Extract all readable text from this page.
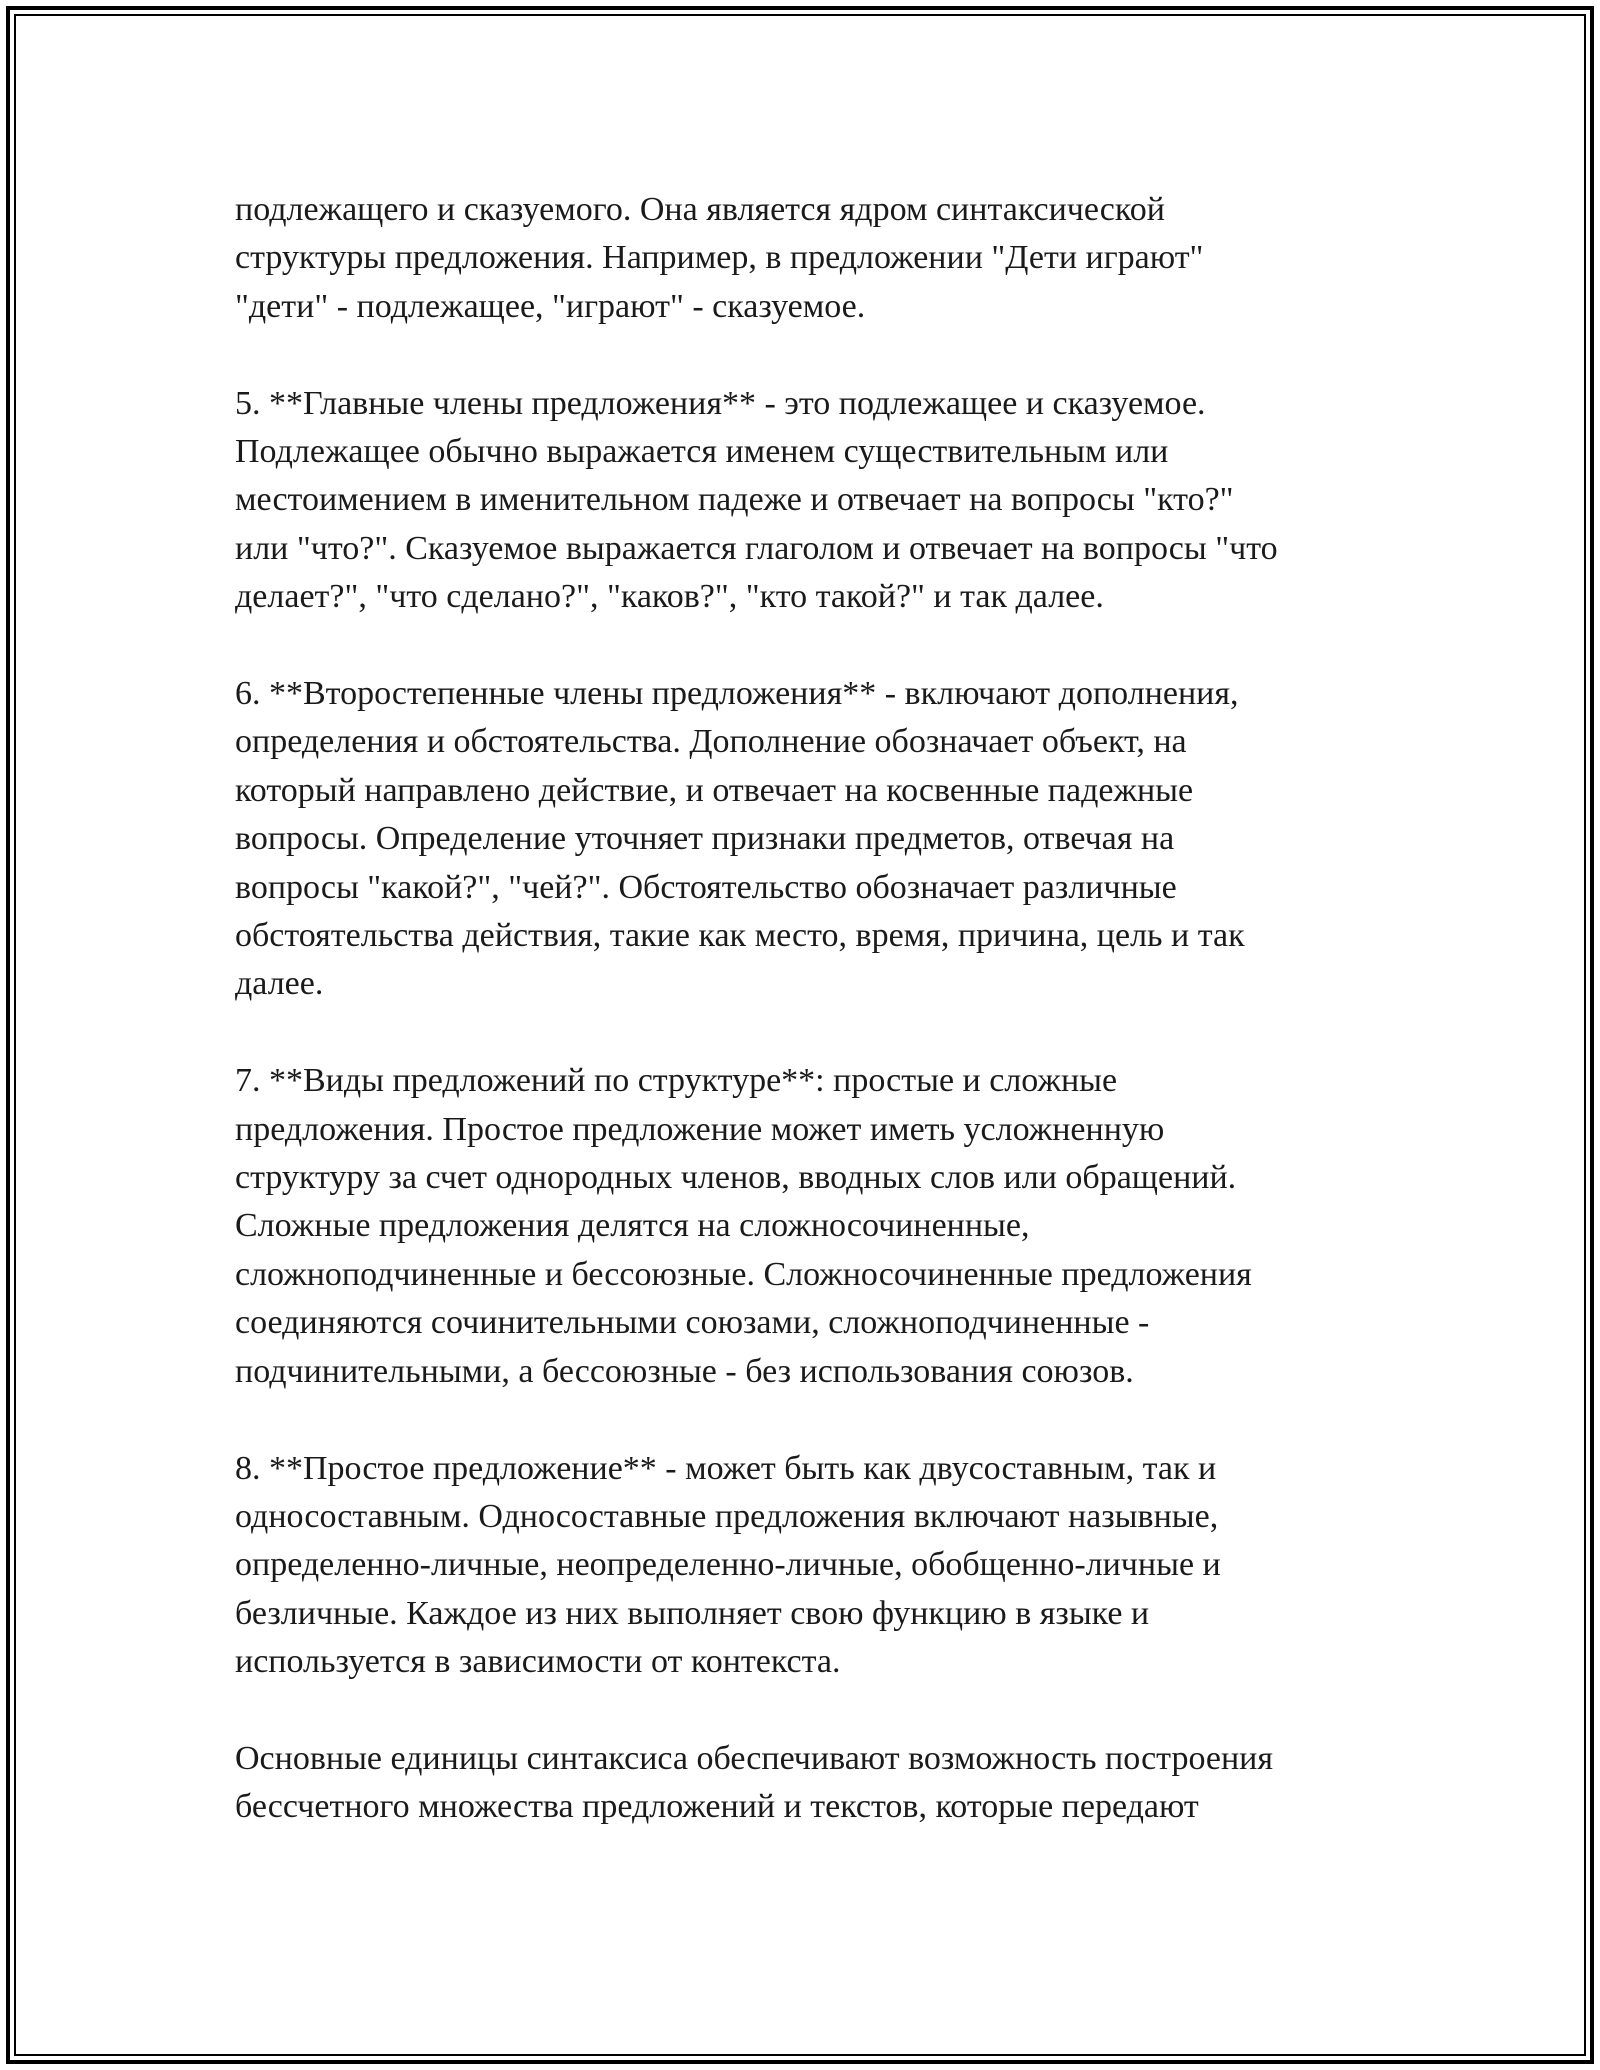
подлежащего и сказуемого. Она является ядром синтаксической
структуры предложения. Например, в предложении "Дети играют"
"дети" - подлежащее, "играют" - сказуемое.

5. **Главные члены предложения** - это подлежащее и сказуемое.
Подлежащее обычно выражается именем существительным или
местоимением в именительном падеже и отвечает на вопросы "кто?"
или "что?". Сказуемое выражается глаголом и отвечает на вопросы "что
делает?", "что сделано?", "каков?", "кто такой?" и так далее.

6. **Второстепенные члены предложения** - включают дополнения,
определения и обстоятельства. Дополнение обозначает объект, на
который направлено действие, и отвечает на косвенные падежные
вопросы. Определение уточняет признаки предметов, отвечая на
вопросы "какой?", "чей?". Обстоятельство обозначает различные
обстоятельства действия, такие как место, время, причина, цель и так
далее.

7. **Виды предложений по структуре**: простые и сложные
предложения. Простое предложение может иметь усложненную
структуру за счет однородных членов, вводных слов или обращений.
Сложные предложения делятся на сложносочиненные,
сложноподчиненные и бессоюзные. Сложносочиненные предложения
соединяются сочинительными союзами, сложноподчиненные -
подчинительными, а бессоюзные - без использования союзов.

8. **Простое предложение** - может быть как двусоставным, так и
односоставным. Односоставные предложения включают назывные,
определенно-личные, неопределенно-личные, обобщенно-личные и
безличные. Каждое из них выполняет свою функцию в языке и
используется в зависимости от контекста.

Основные единицы синтаксиса обеспечивают возможность построения
бессчетного множества предложений и текстов, которые передают
